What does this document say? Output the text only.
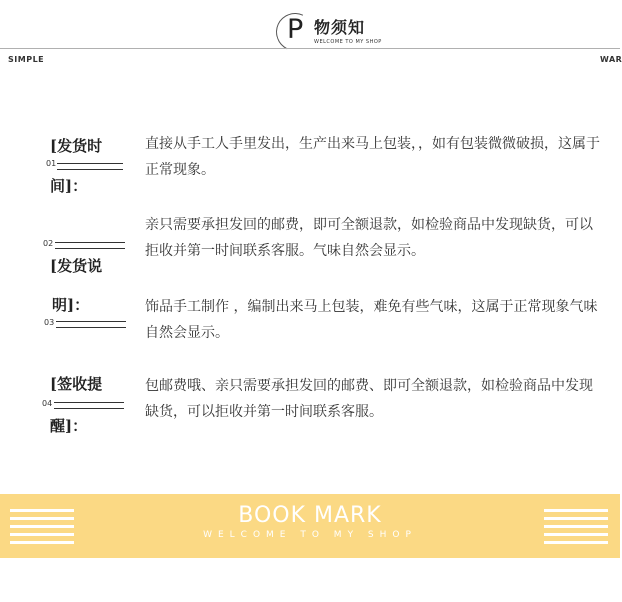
P 物须知
WELCOME TO MY SHOP
SIMPLE	WAR
[发货时
01
间]：
直接从手工人手里发出，生产出来马上包装，，如有包装微微破损，这属于正常现象。
02
[发货说
亲只需要承担发回的邮费，即可全额退款，如检验商品中发现缺货，可以拒收并第一时间联系客服。气味自然会显示。
明]：
03
饰品手工制作 ，编制出来马上包装，难免有些气味，这属于正常现象气味自然会显示。
[签收提
04
醒]：
包邮费哦、亲只需要承担发回的邮费、即可全额退款，如检验商品中发现缺货，可以拒收并第一时间联系客服。
BOOK MARK
WELCOME TO MY SHOP
